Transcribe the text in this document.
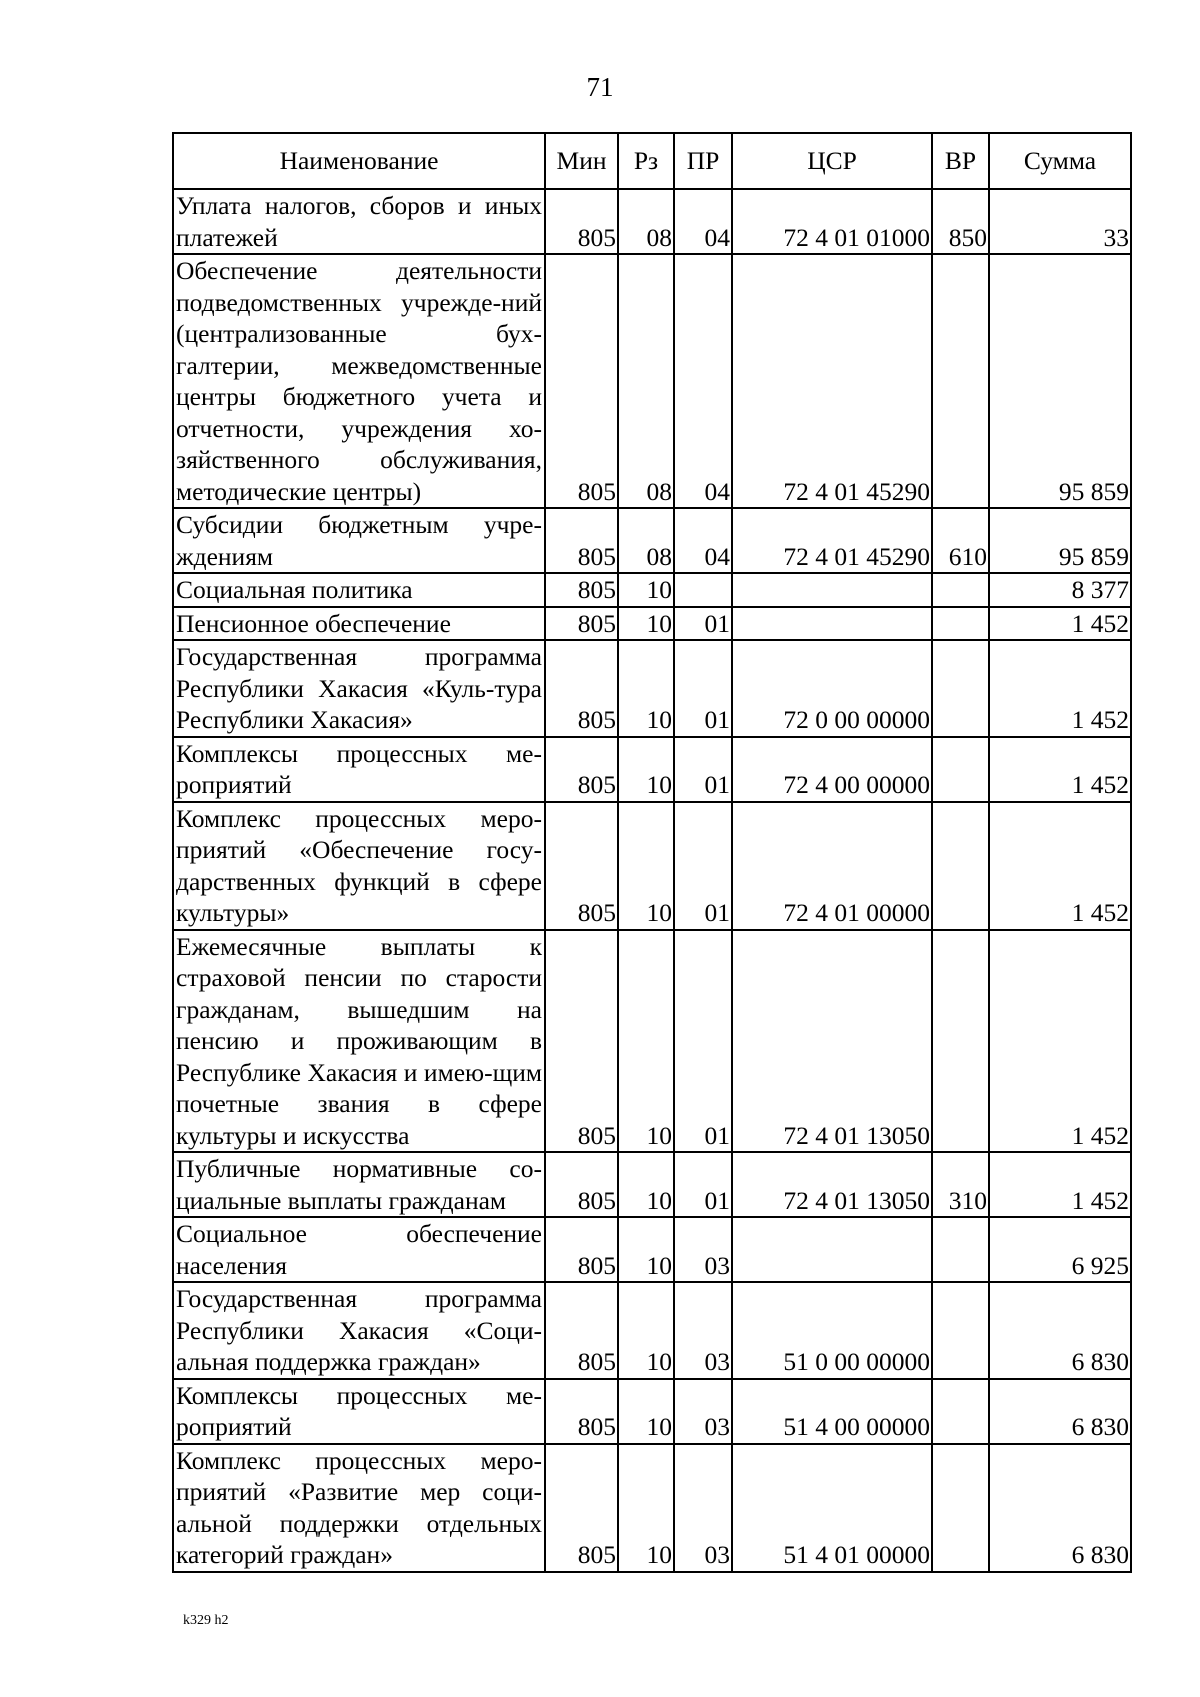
71
Наименование	Мин	Рз	ПР	ЦСР	ВР	Сумма
Уплата налогов, сборов и иных платежей	805	08	04	72 4 01 01000	850	33
Обеспечение деятельности подведомственных учрежде-ний (централизованные бух-галтерии, межведомственные центры бюджетного учета и отчетности, учреждения хо-зяйственного обслуживания, методические центры)	805	08	04	72 4 01 45290		95 859
Субсидии бюджетным учре-ждениям	805	08	04	72 4 01 45290	610	95 859
Социальная политика	805	10				8 377
Пенсионное обеспечение	805	10	01			1 452
Государственная программа Республики Хакасия «Куль-тура Республики Хакасия»	805	10	01	72 0 00 00000		1 452
Комплексы процессных ме-роприятий	805	10	01	72 4 00 00000		1 452
Комплекс процессных меро-приятий «Обеспечение госу-дарственных функций в сфере культуры»	805	10	01	72 4 01 00000		1 452
Ежемесячные выплаты к страховой пенсии по старости гражданам, вышедшим на пенсию и проживающим в Республике Хакасия и имею-щим почетные звания в сфере культуры и искусства	805	10	01	72 4 01 13050		1 452
Публичные нормативные со-циальные выплаты гражданам	805	10	01	72 4 01 13050	310	1 452
Социальное обеспечение населения	805	10	03			6 925
Государственная программа Республики Хакасия «Соци-альная поддержка граждан»	805	10	03	51 0 00 00000		6 830
Комплексы процессных ме-роприятий	805	10	03	51 4 00 00000		6 830
Комплекс процессных меро-приятий «Развитие мер соци-альной поддержки отдельных категорий граждан»	805	10	03	51 4 01 00000		6 830
k329 h2
